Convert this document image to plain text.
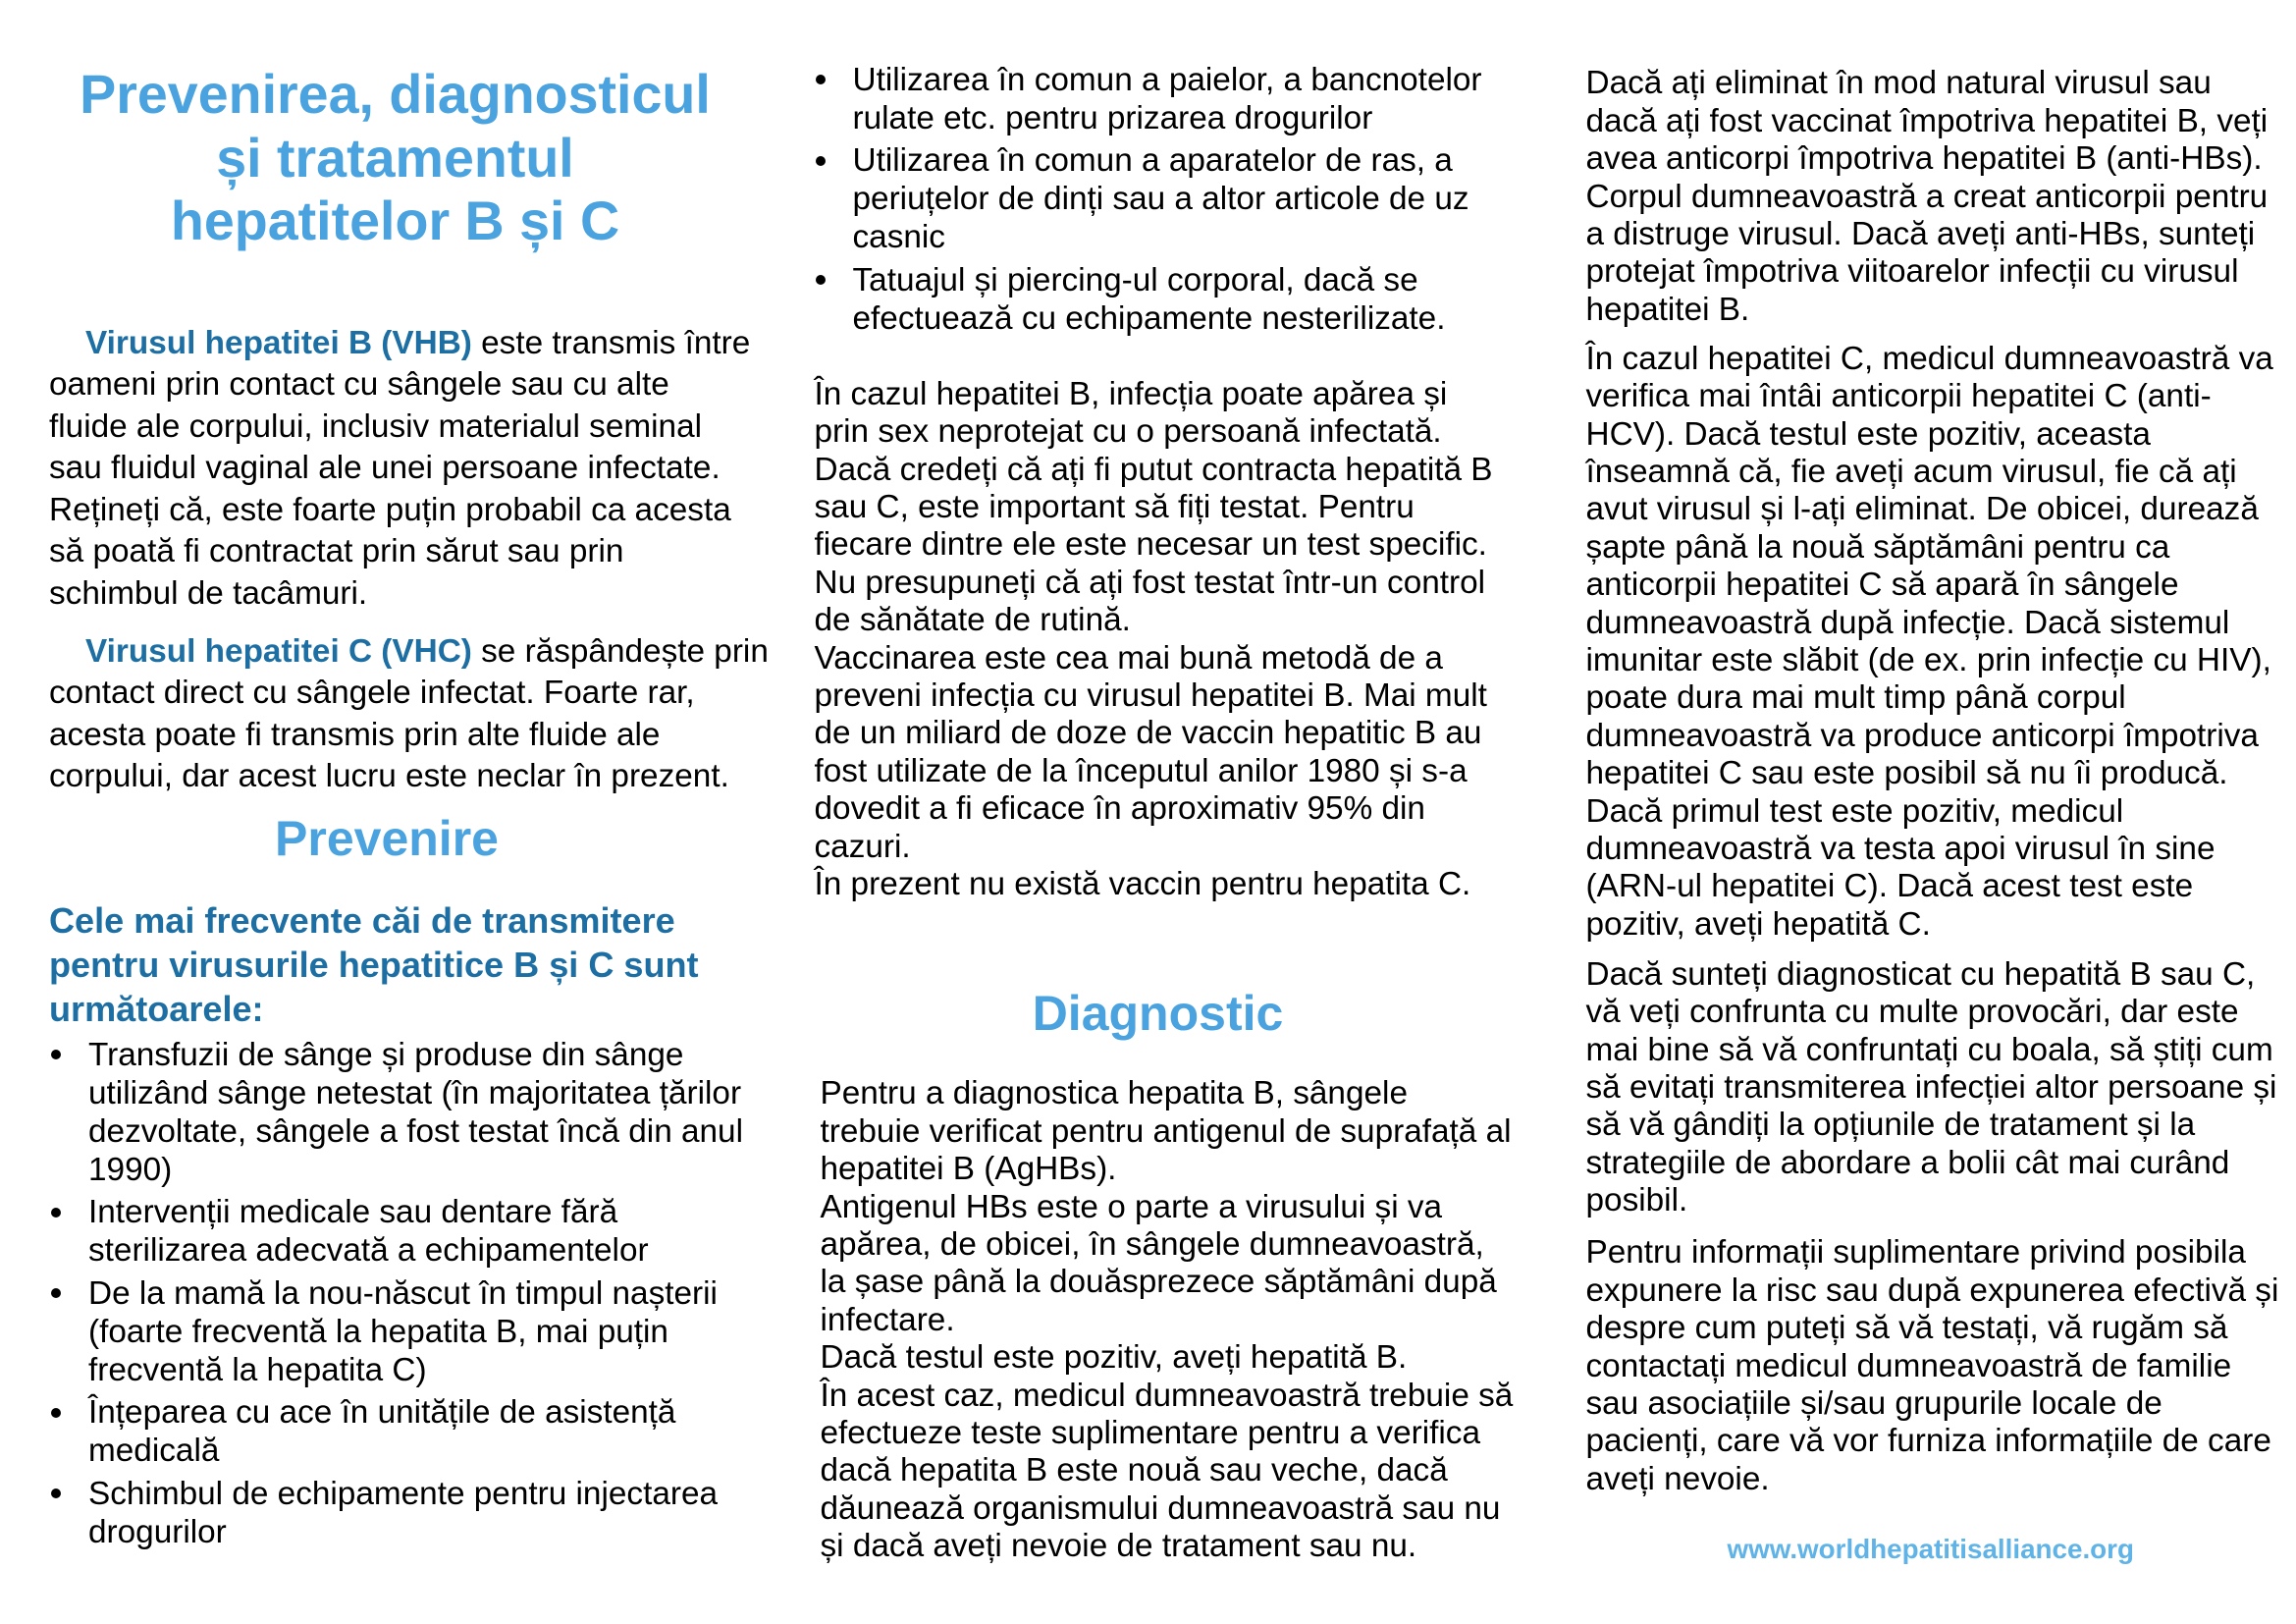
Prevenirea, diagnosticul
și tratamentul
hepatitelor B și C

Virusul hepatitei B (VHB) este transmis între
oameni prin contact cu sângele sau cu alte
fluide ale corpului, inclusiv materialul seminal
sau fluidul vaginal ale unei persoane infectate.
Rețineți că, este foarte puțin probabil ca acesta
să poată fi contractat prin sărut sau prin
schimbul de tacâmuri.

Virusul hepatitei C (VHC) se răspândește prin
contact direct cu sângele infectat. Foarte rar,
acesta poate fi transmis prin alte fluide ale
corpului, dar acest lucru este neclar în prezent.

Prevenire
Cele mai frecvente căi de transmitere
pentru virusurile hepatitice B și C sunt
următoarele:
Transfuzii de sânge și produse din sânge
utilizând sânge netestat (în majoritatea țărilor
dezvoltate, sângele a fost testat încă din anul
1990)
Intervenții medicale sau dentare fără
sterilizarea adecvată a echipamentelor
De la mamă la nou-născut în timpul nașterii
(foarte frecventă la hepatita B, mai puțin
frecventă la hepatita C)
Înțeparea cu ace în unitățile de asistență
medicală
Schimbul de echipamente pentru injectarea
drogurilor
Utilizarea în comun a paielor, a bancnotelor
rulate etc. pentru prizarea drogurilor
Utilizarea în comun a aparatelor de ras, a
periuțelor de dinți sau a altor articole de uz
casnic
Tatuajul și piercing-ul corporal, dacă se
efectuează cu echipamente nesterilizate.

În cazul hepatitei B, infecția poate apărea și
prin sex neprotejat cu o persoană infectată.
Dacă credeți că ați fi putut contracta hepatită B
sau C, este important să fiți testat. Pentru
fiecare dintre ele este necesar un test specific.
Nu presupuneți că ați fost testat într-un control
de sănătate de rutină.
Vaccinarea este cea mai bună metodă de a
preveni infecția cu virusul hepatitei B. Mai mult
de un miliard de doze de vaccin hepatitic B au
fost utilizate de la începutul anilor 1980 și s-a
dovedit a fi eficace în aproximativ 95% din
cazuri.
În prezent nu există vaccin pentru hepatita C.

Diagnostic

Pentru a diagnostica hepatita B, sângele
trebuie verificat pentru antigenul de suprafață al
hepatitei B (AgHBs).
Antigenul HBs este o parte a virusului și va
apărea, de obicei, în sângele dumneavoastră,
la șase până la douăsprezece săptămâni după
infectare.
Dacă testul este pozitiv, aveți hepatită B.
În acest caz, medicul dumneavoastră trebuie să
efectueze teste suplimentare pentru a verifica
dacă hepatita B este nouă sau veche, dacă
dăunează organismului dumneavoastră sau nu
și dacă aveți nevoie de tratament sau nu.

Dacă ați eliminat în mod natural virusul sau
dacă ați fost vaccinat împotriva hepatitei B, veți
avea anticorpi împotriva hepatitei B (anti-HBs).
Corpul dumneavoastră a creat anticorpii pentru
a distruge virusul. Dacă aveți anti-HBs, sunteți
protejat împotriva viitoarelor infecții cu virusul
hepatitei B.

În cazul hepatitei C, medicul dumneavoastră va
verifica mai întâi anticorpii hepatitei C (anti-
HCV). Dacă testul este pozitiv, aceasta
înseamnă că, fie aveți acum virusul, fie că ați
avut virusul și l-ați eliminat. De obicei, durează
șapte până la nouă săptămâni pentru ca
anticorpii hepatitei C să apară în sângele
dumneavoastră după infecție. Dacă sistemul
imunitar este slăbit (de ex. prin infecție cu HIV),
poate dura mai mult timp până corpul
dumneavoastră va produce anticorpi împotriva
hepatitei C sau este posibil să nu îi producă.
Dacă primul test este pozitiv, medicul
dumneavoastră va testa apoi virusul în sine
(ARN-ul hepatitei C). Dacă acest test este
pozitiv, aveți hepatită C.

Dacă sunteți diagnosticat cu hepatită B sau C,
vă veți confrunta cu multe provocări, dar este
mai bine să vă confruntați cu boala, să știți cum
să evitați transmiterea infecției altor persoane și
să vă gândiți la opțiunile de tratament și la
strategiile de abordare a bolii cât mai curând
posibil.

Pentru informații suplimentare privind posibila
expunere la risc sau după expunerea efectivă și
despre cum puteți să vă testați, vă rugăm să
contactați medicul dumneavoastră de familie
sau asociațiile și/sau grupurile locale de
pacienți, care vă vor furniza informațiile de care
aveți nevoie.

www.worldhepatitisalliance.org
